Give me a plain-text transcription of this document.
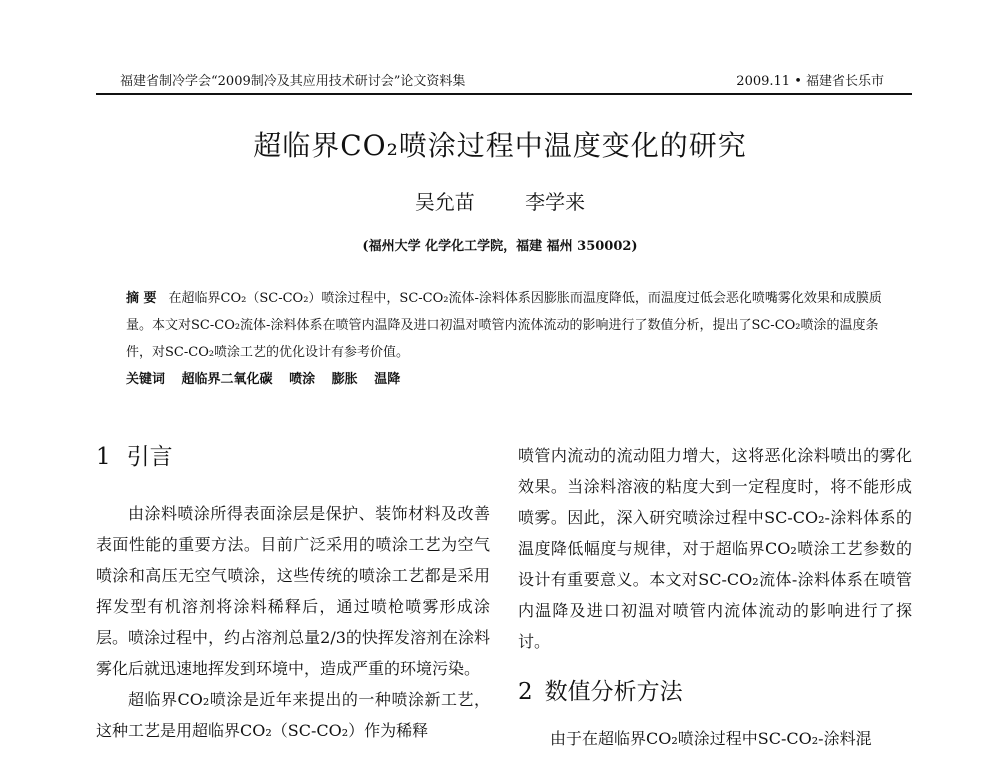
福建省制冷学会“2009制冷及其应用技术研讨会”论文资料集	2009.11 • 福建省长乐市
超临界CO₂喷涂过程中温度变化的研究
吴允苗	李学来
(福州大学 化学化工学院，福建 福州 350002)
摘 要 在超临界CO₂（SC-CO₂）喷涂过程中，SC-CO₂流体-涂料体系因膨胀而温度降低，而温度过低会恶化喷嘴雾化效果和成膜质量。本文对SC-CO₂流体-涂料体系在喷管内温降及进口初温对喷管内流体流动的影响进行了数值分析，提出了SC-CO₂喷涂的温度条件，对SC-CO₂喷涂工艺的优化设计有参考价值。
关键词 超临界二氧化碳 喷涂 膨胀 温降
1 引言

由涂料喷涂所得表面涂层是保护、装饰材料及改善表面性能的重要方法。目前广泛采用的喷涂工艺为空气喷涂和高压无空气喷涂，这些传统的喷涂工艺都是采用挥发型有机溶剂将涂料稀释后，通过喷枪喷雾形成涂层。喷涂过程中，约占溶剂总量2/3的快挥发溶剂在涂料雾化后就迅速地挥发到环境中，造成严重的环境污染。

超临界CO₂喷涂是近年来提出的一种喷涂新工艺，这种工艺是用超临界CO₂（SC-CO₂）作为稀释

喷管内流动的流动阻力增大，这将恶化涂料喷出的雾化效果。当涂料溶液的粘度大到一定程度时，将不能形成喷雾。因此，深入研究喷涂过程中SC-CO₂-涂料体系的温度降低幅度与规律，对于超临界CO₂喷涂工艺参数的设计有重要意义。本文对SC-CO₂流体-涂料体系在喷管内温降及进口初温对喷管内流体流动的影响进行了探讨。

2 数值分析方法

由于在超临界CO₂喷涂过程中SC-CO₂-涂料混
